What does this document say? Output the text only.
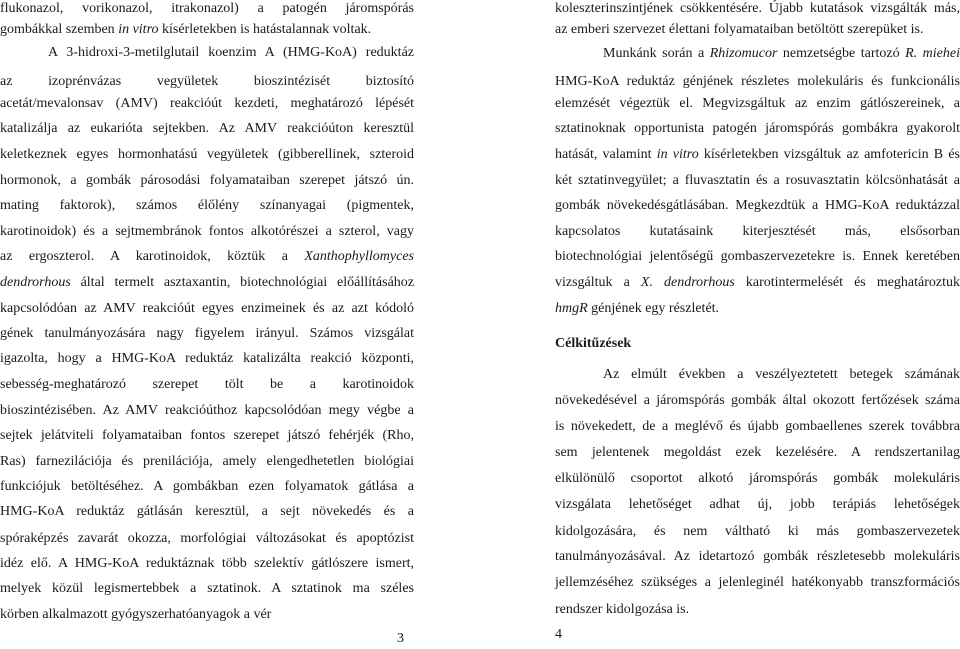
flukonazol, vorikonazol, itrakonazol) a patogén járomspórás
gombákkal szemben in vitro kísérletekben is hatástalannak voltak.
A 3-hidroxi-3-metilglutail koenzim A (HMG-KoA) reduktáz
az izoprénvázas vegyületek bioszintézisét biztosító
acetát/mevalonsav (AMV) reakcióút kezdeti, meghatározó lépését
katalizálja az eukarióta sejtekben. Az AMV reakcióúton keresztül
keletkeznek egyes hormonhatású vegyületek (gibberellinek, szteroid
hormonok, a gombák párosodási folyamataiban szerepet játszó ún.
mating faktorok), számos élőlény színanyagai (pigmentek,
karotinoidok) és a sejtmembránok fontos alkotórészei a szterol, vagy
az ergoszterol. A karotinoidok, köztük a Xanthophyllomyces
dendrorhous által termelt asztaxantin, biotechnológiai előállításához
kapcsolódóan az AMV reakcióút egyes enzimeinek és az azt kódoló
gének tanulmányozására nagy figyelem irányul. Számos vizsgálat
igazolta, hogy a HMG-KoA reduktáz katalizálta reakció központi,
sebesség-meghatározó szerepet tölt be a karotinoidok
bioszintézisében. Az AMV reakcióúthoz kapcsolódóan megy végbe a
sejtek jelátviteli folyamataiban fontos szerepet játszó fehérjék (Rho,
Ras) farnezilációja és prenilációja, amely elengedhetetlen biológiai
funkciójuk betöltéséhez. A gombákban ezen folyamatok gátlása a
HMG-KoA reduktáz gátlásán keresztül, a sejt növekedés és a
spóraképzés zavarát okozza, morfológiai változásokat és apoptózist
idéz elő. A HMG-KoA reduktáznak több szelektív gátlószere ismert,
melyek közül legismertebbek a sztatinok. A sztatinok ma széles
körben alkalmazott gyógyszerhatóanyagok a vér
koleszterinszintjének csökkentésére. Újabb kutatások vizsgálták más,
az emberi szervezet élettani folyamataiban betöltött szerepüket is.
Munkánk során a Rhizomucor nemzetségbe tartozó R. miehei
HMG-KoA reduktáz génjének részletes molekuláris és funkcionális
elemzését végeztük el. Megvizsgáltuk az enzim gátlószereinek, a
sztatinoknak opportunista patogén járomspórás gombákra gyakorolt
hatását, valamint in vitro kísérletekben vizsgáltuk az amfotericin B és
két sztatinvegyület; a fluvasztatin és a rosuvasztatin kölcsönhatását a
gombák növekedésgátlásában. Megkezdtük a HMG-KoA reduktázzal
kapcsolatos kutatásaink kiterjesztését más, elsősorban
biotechnológiai jelentőségű gombaszervezetekre is. Ennek keretében
vizsgáltuk a X. dendrorhous karotintermelését és meghatároztuk
hmgR génjének egy részletét.
Célkitűzések
Az elmúlt években a veszélyeztetett betegek számának
növekedésével a járomspórás gombák által okozott fertőzések száma
is növekedett, de a meglévő és újabb gombaellenes szerek továbbra
sem jelentenek megoldást ezek kezelésére. A rendszertanilag
elkülönülő csoportot alkotó járomspórás gombák molekuláris
vizsgálata lehetőséget adhat új, jobb terápiás lehetőségek
kidolgozására, és nem váltható ki más gombaszervezetek
tanulmányozásával. Az idetartozó gombák részletesebb molekuláris
jellemzéséhez szükséges a jelenleginél hatékonyabb transzformációs
rendszer kidolgozása is.
3	4
